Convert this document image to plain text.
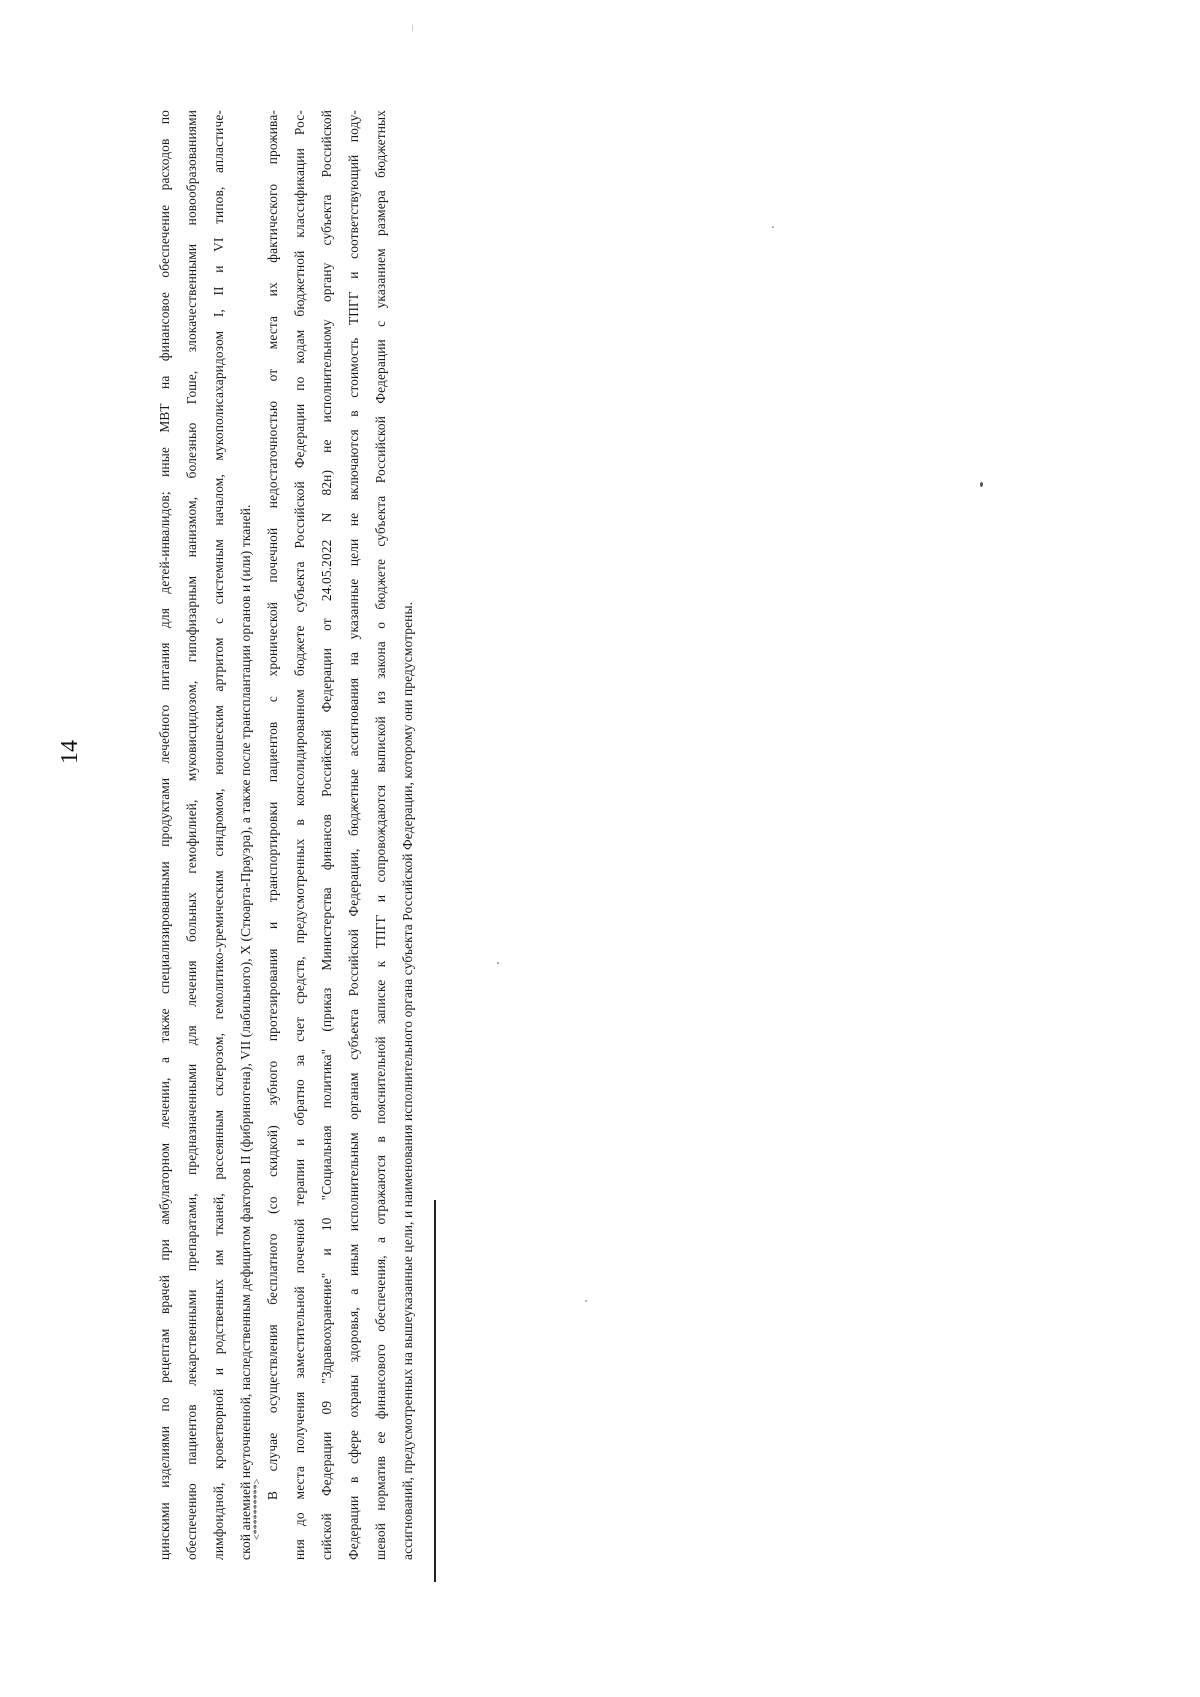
14	цинскими изделиями по рецептам врачей при амбулаторном лечении, а также специализированными продуктами лечебного питания для детей-инвалидов; иные МВТ на финансовое обеспечение расходов по обеспечению пациентов лекарственными препаратами, предназначенными для лечения больных гемофилией, муковисцидозом, гипофизарным нанизмом, болезнью Гоше, злокачественными новообразованиями лимфоидной, кроветворной и родственных им тканей, рассеянным склерозом, гемолитико-уремическим синдромом, юношеским артритом с системным началом, мукополисахаридозом I, II и VI типов, апластиче- ской анемией неуточненной, наследственным дефицитом факторов II (фибриногена), VII (лабильного), X (Стюарта-Прауэра), а также после трансплантации органов и (или) тканей. <**********>
В случае осуществления бесплатного (со скидкой) зубного протезирования и транспортировки пациентов с хронической почечной недостаточностью от места их фактического прожива- ния до места получения заместительной почечной терапии и обратно за счет средств, предусмотренных в консолидированном бюджете субъекта Российской Федерации по кодам бюджетной классификации Рос- сийской Федерации 09 "Здравоохранение" и 10 "Социальная политика" (приказ Министерства финансов Российской Федерации от 24.05.2022 N 82н) не исполнительному органу субъекта Российской Федерации в сфере охраны здоровья, а иным исполнительным органам субъекта Российской Федерации, бюджетные ассигнования на указанные цели не включаются в стоимость ТПГГ и соответствующий поду- шевой норматив ее финансового обеспечения, а отражаются в пояснительной записке к ТПГГ и сопровождаются выпиской из закона о бюджете субъекта Российской Федерации с указанием размера бюджетных ассигнований, предусмотренных на вышеуказанные цели, и наименования исполнительного органа субъекта Российской Федерации, которому они предусмотрены.
